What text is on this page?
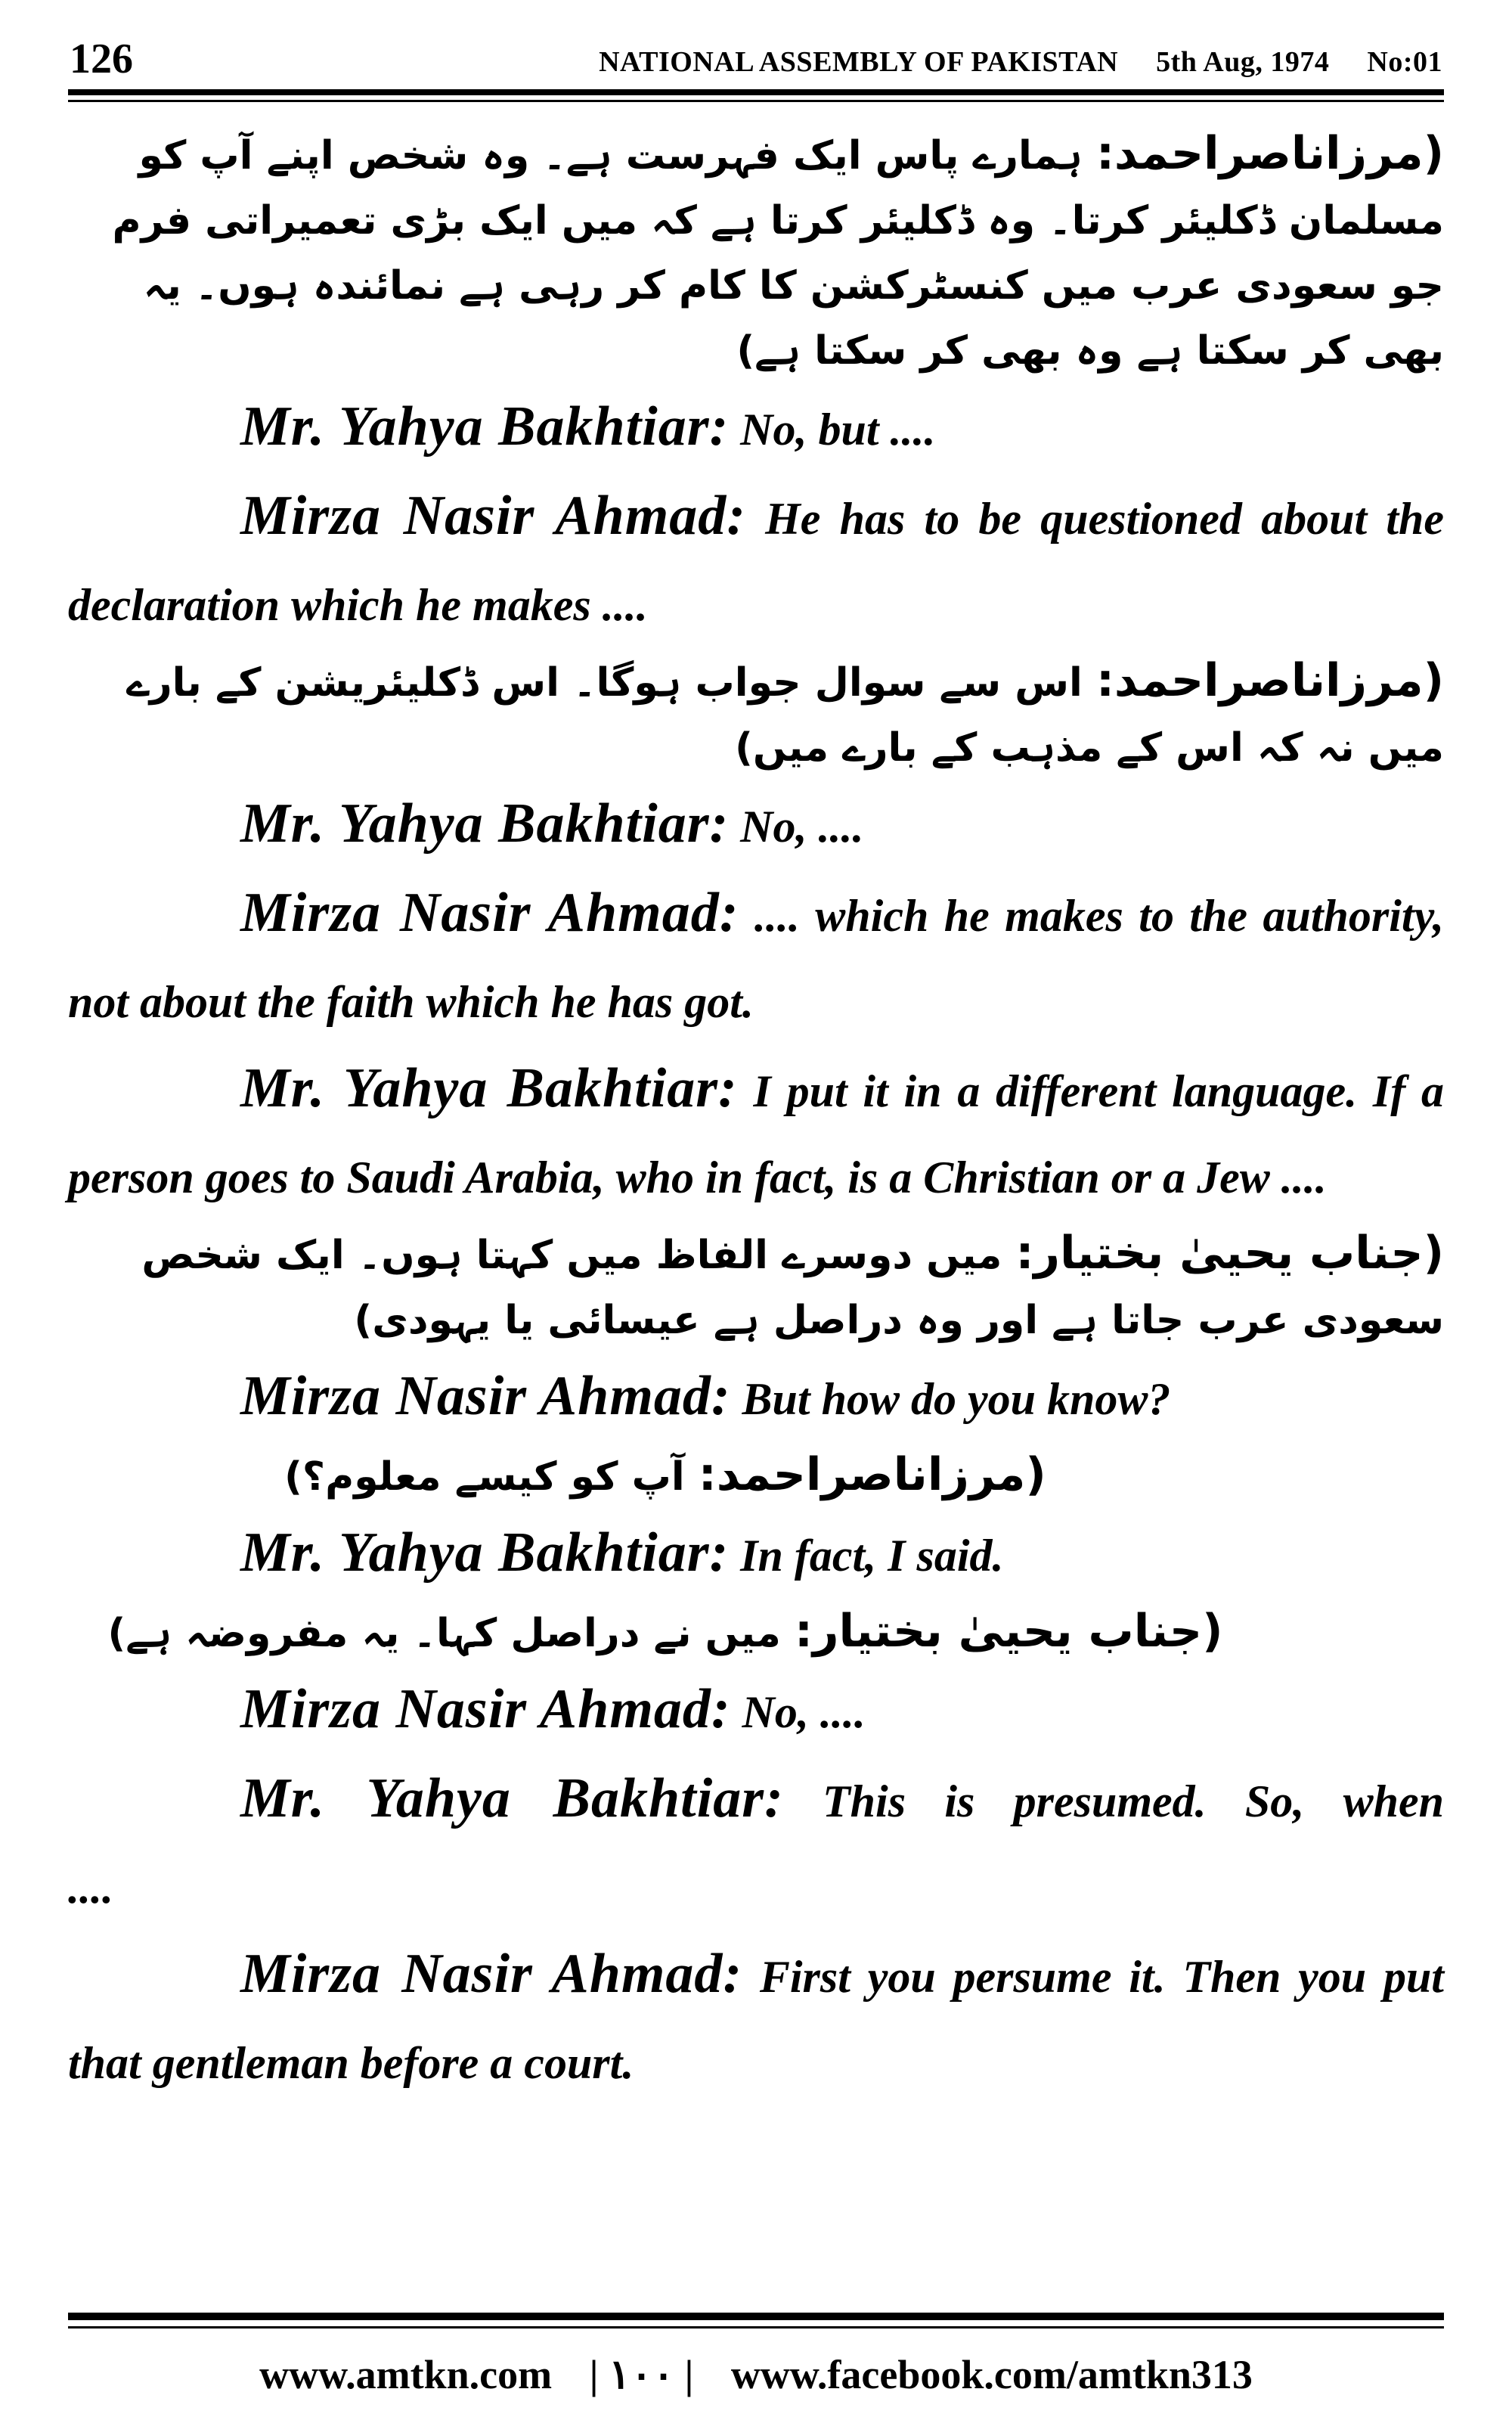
126	NATIONAL ASSEMBLY OF PAKISTAN 5th Aug, 1974 No:01

(مرزاناصراحمد: ہمارے پاس ایک فہرست ہے۔ وہ شخص اپنے آپ کو مسلمان ڈکلیئر کرتا۔ وہ ڈکلیئر کرتا ہے کہ میں ایک بڑی تعمیراتی فرم جو سعودی عرب میں کنسٹرکشن کا کام کر رہی ہے نمائندہ ہوں۔ یہ بھی کر سکتا ہے وہ بھی کر سکتا ہے)

Mr. Yahya Bakhtiar: No, but ....

Mirza Nasir Ahmad: He has to be questioned about the declaration which he makes ....

(مرزاناصراحمد: اس سے سوال جواب ہوگا۔ اس ڈکلیئریشن کے بارے میں نہ کہ اس کے مذہب کے بارے میں)

Mr. Yahya Bakhtiar: No, ....

Mirza Nasir Ahmad: .... which he makes to the authority, not about the faith which he has got.

Mr. Yahya Bakhtiar: I put it in a different language. If a person goes to Saudi Arabia, who in fact, is a Christian or a Jew ....

(جناب یحییٰ بختیار: میں دوسرے الفاظ میں کہتا ہوں۔ ایک شخص سعودی عرب جاتا ہے اور وہ دراصل ہے عیسائی یا یہودی)

Mirza Nasir Ahmad: But how do you know?

(مرزاناصراحمد: آپ کو کیسے معلوم؟)

Mr. Yahya Bakhtiar: In fact, I said.

(جناب یحییٰ بختیار: میں نے دراصل کہا۔ یہ مفروضہ ہے)

Mirza Nasir Ahmad: No, ....

Mr. Yahya Bakhtiar: This is presumed. So, when

....

Mirza Nasir Ahmad: First you persume it. Then you put that gentleman before a court.

www.amtkn.com | ۱۰۰ | www.facebook.com/amtkn313
